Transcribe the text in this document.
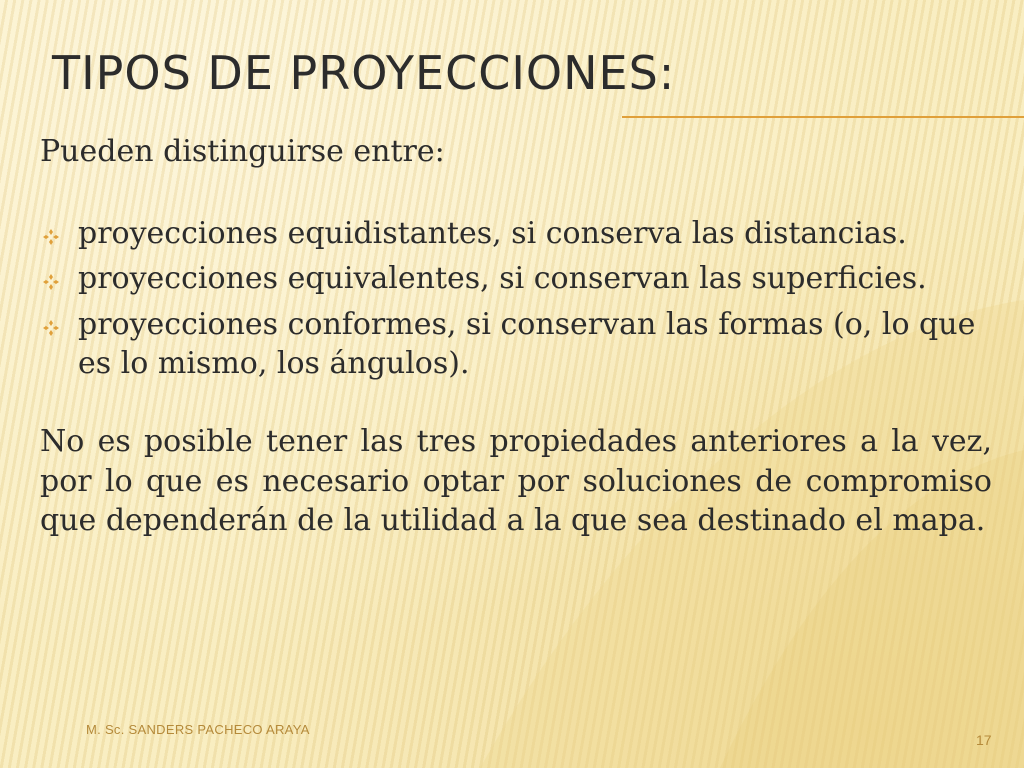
TIPOS DE PROYECCIONES:

Pueden distinguirse entre:

proyecciones equidistantes, si conserva las distancias.
proyecciones equivalentes, si conservan las superficies.
proyecciones conformes, si conservan las formas (o, lo que es lo mismo, los ángulos).

No es posible tener las tres propiedades anteriores a la vez, por lo que es necesario optar por soluciones de compromiso que dependerán de la utilidad a la que sea destinado el mapa.

M. Sc. SANDERS PACHECO ARAYA
17
